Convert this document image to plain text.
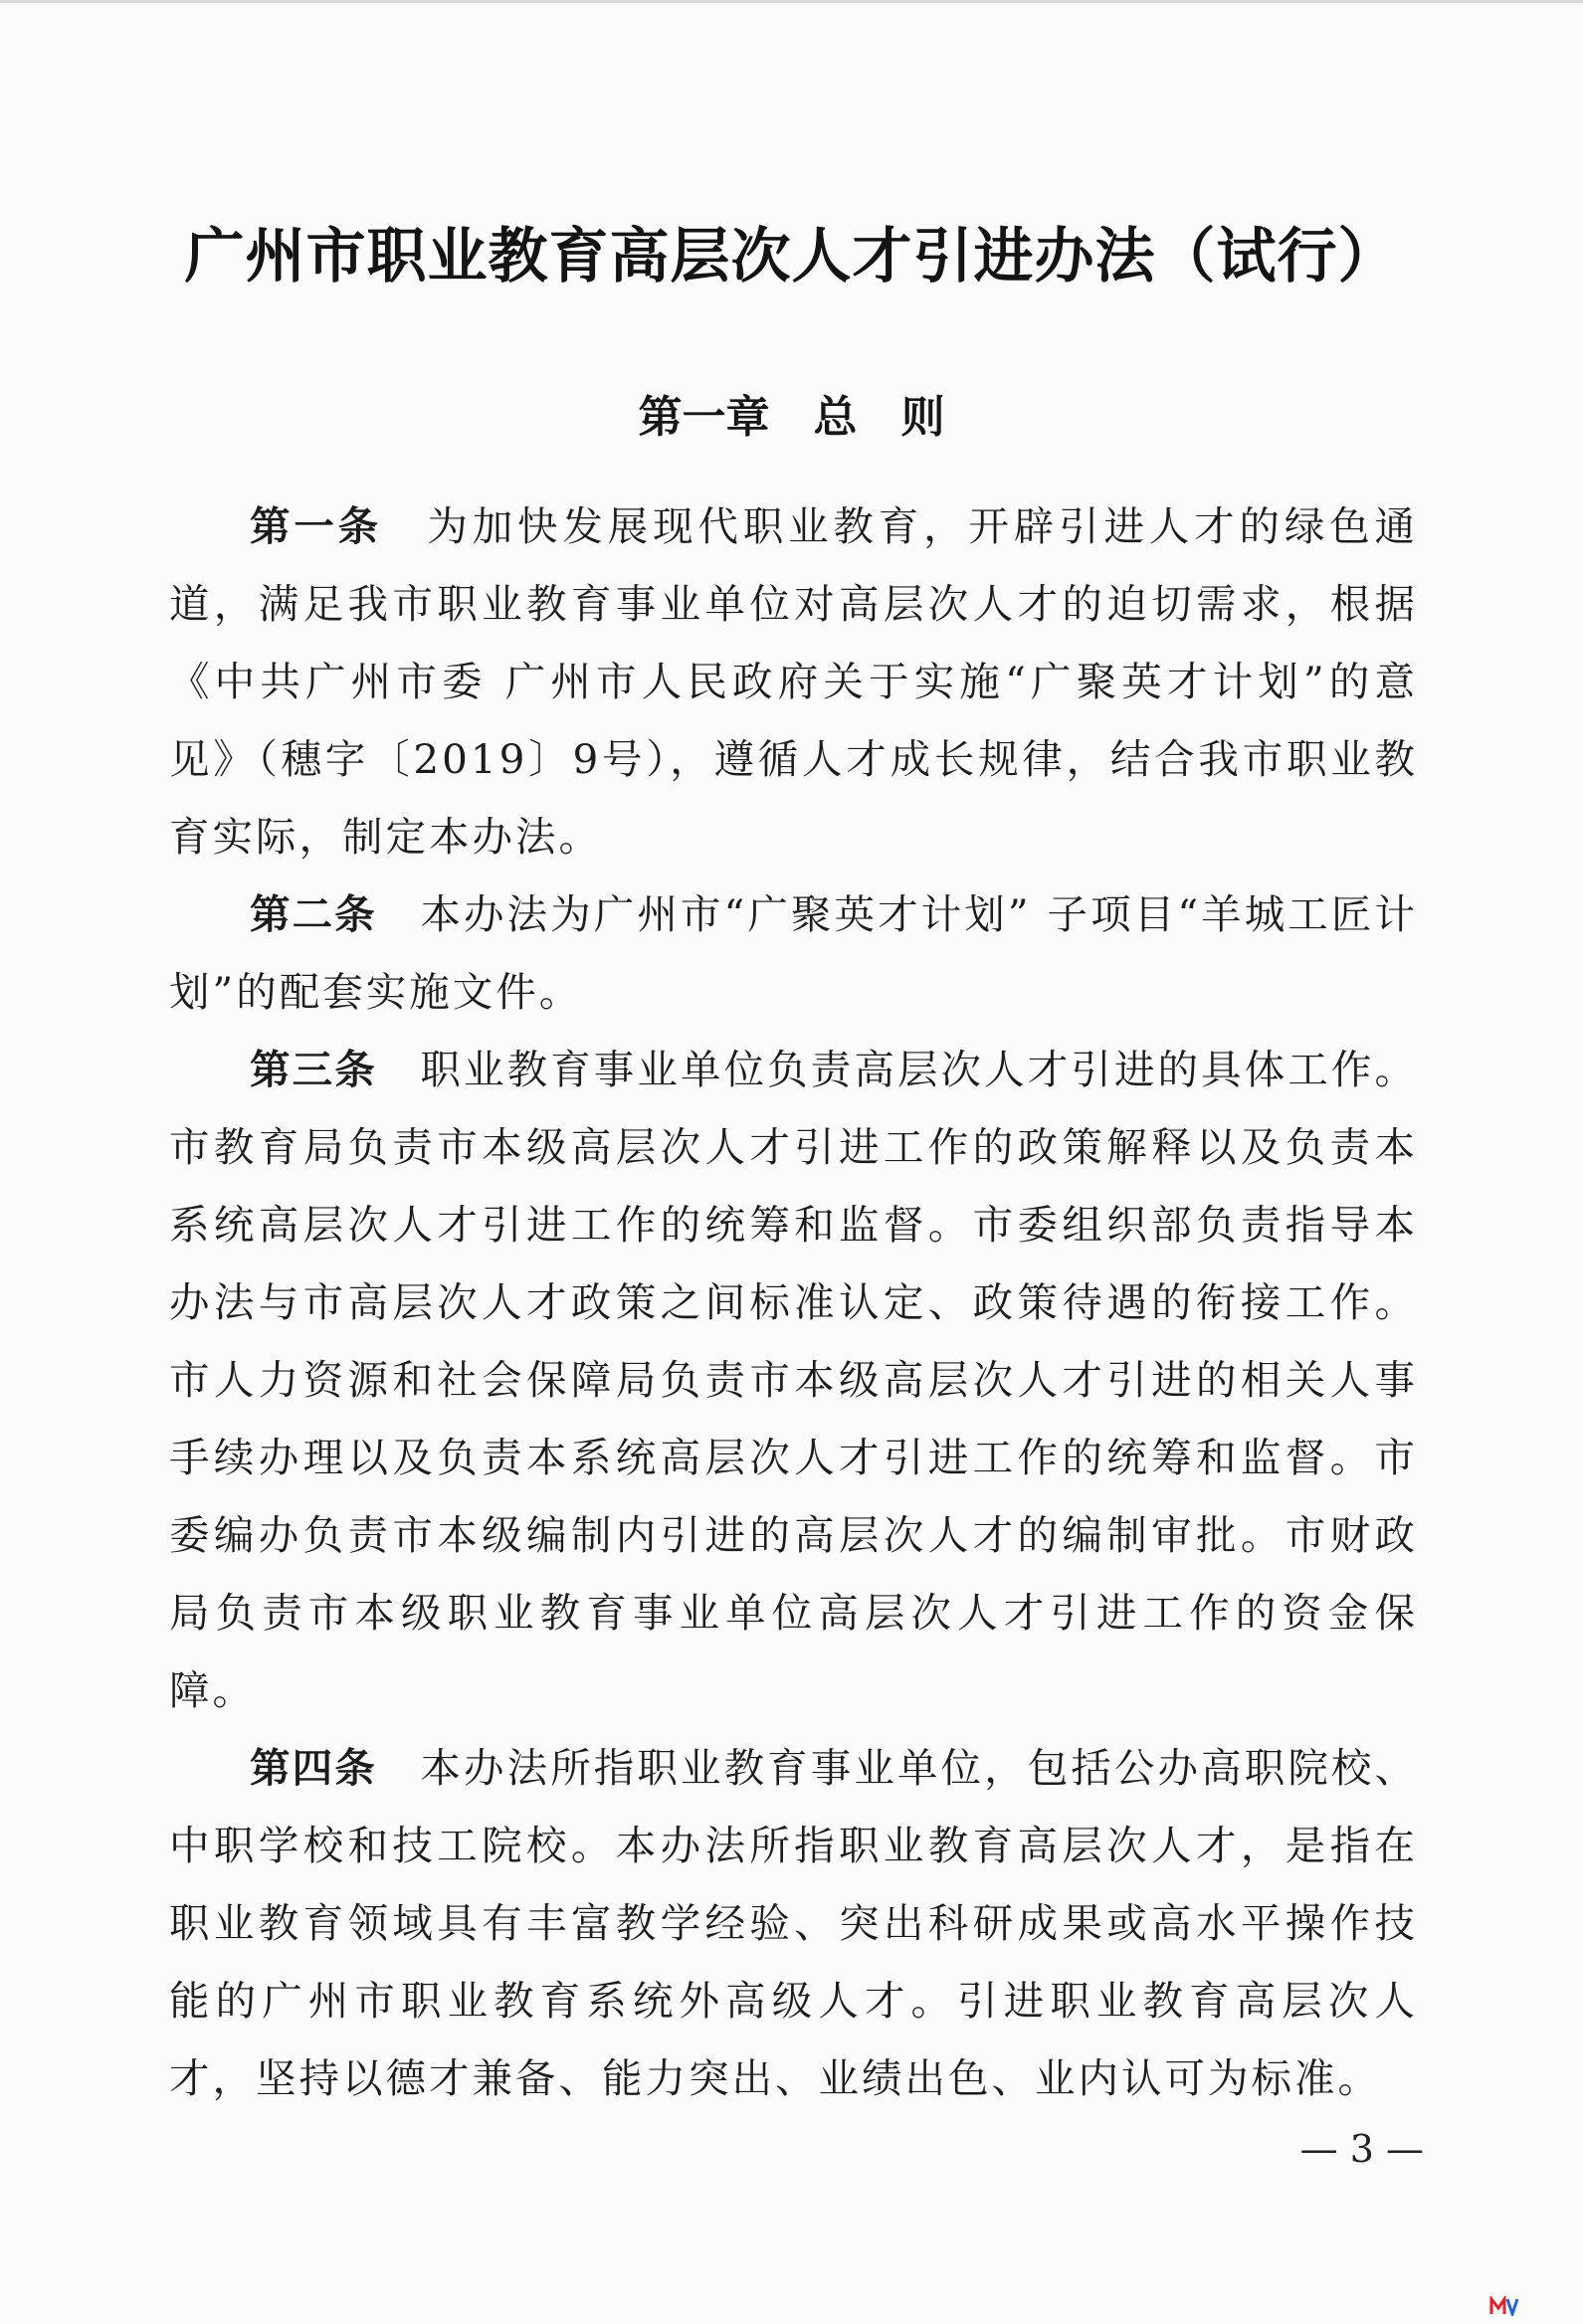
广州市职业教育高层次人才引进办法（试行）
第一章　总　则

第一条　 为加快发展现代职业教育，开辟引进人才的绿色通道，满足我市职业教育事业单位对高层次人才的迫切需求，根据《中共广州市委 广州市人民政府关于实施“广聚英才计划”的意见》（穗字〔2019〕9号），遵循人才成长规律，结合我市职业教育实际，制定本办法。

第二条　 本办法为广州市“广聚英才计划” 子项目“羊城工匠计划”的配套实施文件。

第三条　 职业教育事业单位负责高层次人才引进的具体工作。市教育局负责市本级高层次人才引进工作的政策解释以及负责本系统高层次人才引进工作的统筹和监督。市委组织部负责指导本办法与市高层次人才政策之间标准认定、政策待遇的衔接工作。市人力资源和社会保障局负责市本级高层次人才引进的相关人事手续办理以及负责本系统高层次人才引进工作的统筹和监督。市委编办负责市本级编制内引进的高层次人才的编制审批。市财政局负责市本级职业教育事业单位高层次人才引进工作的资金保障。

第四条　 本办法所指职业教育事业单位，包括公办高职院校、中职学校和技工院校。本办法所指职业教育高层次人才，是指在职业教育领域具有丰富教学经验、突出科研成果或高水平操作技能的广州市职业教育系统外高级人才。引进职业教育高层次人才，坚持以德才兼备、能力突出、业绩出色、业内认可为标准。

— 3 —
